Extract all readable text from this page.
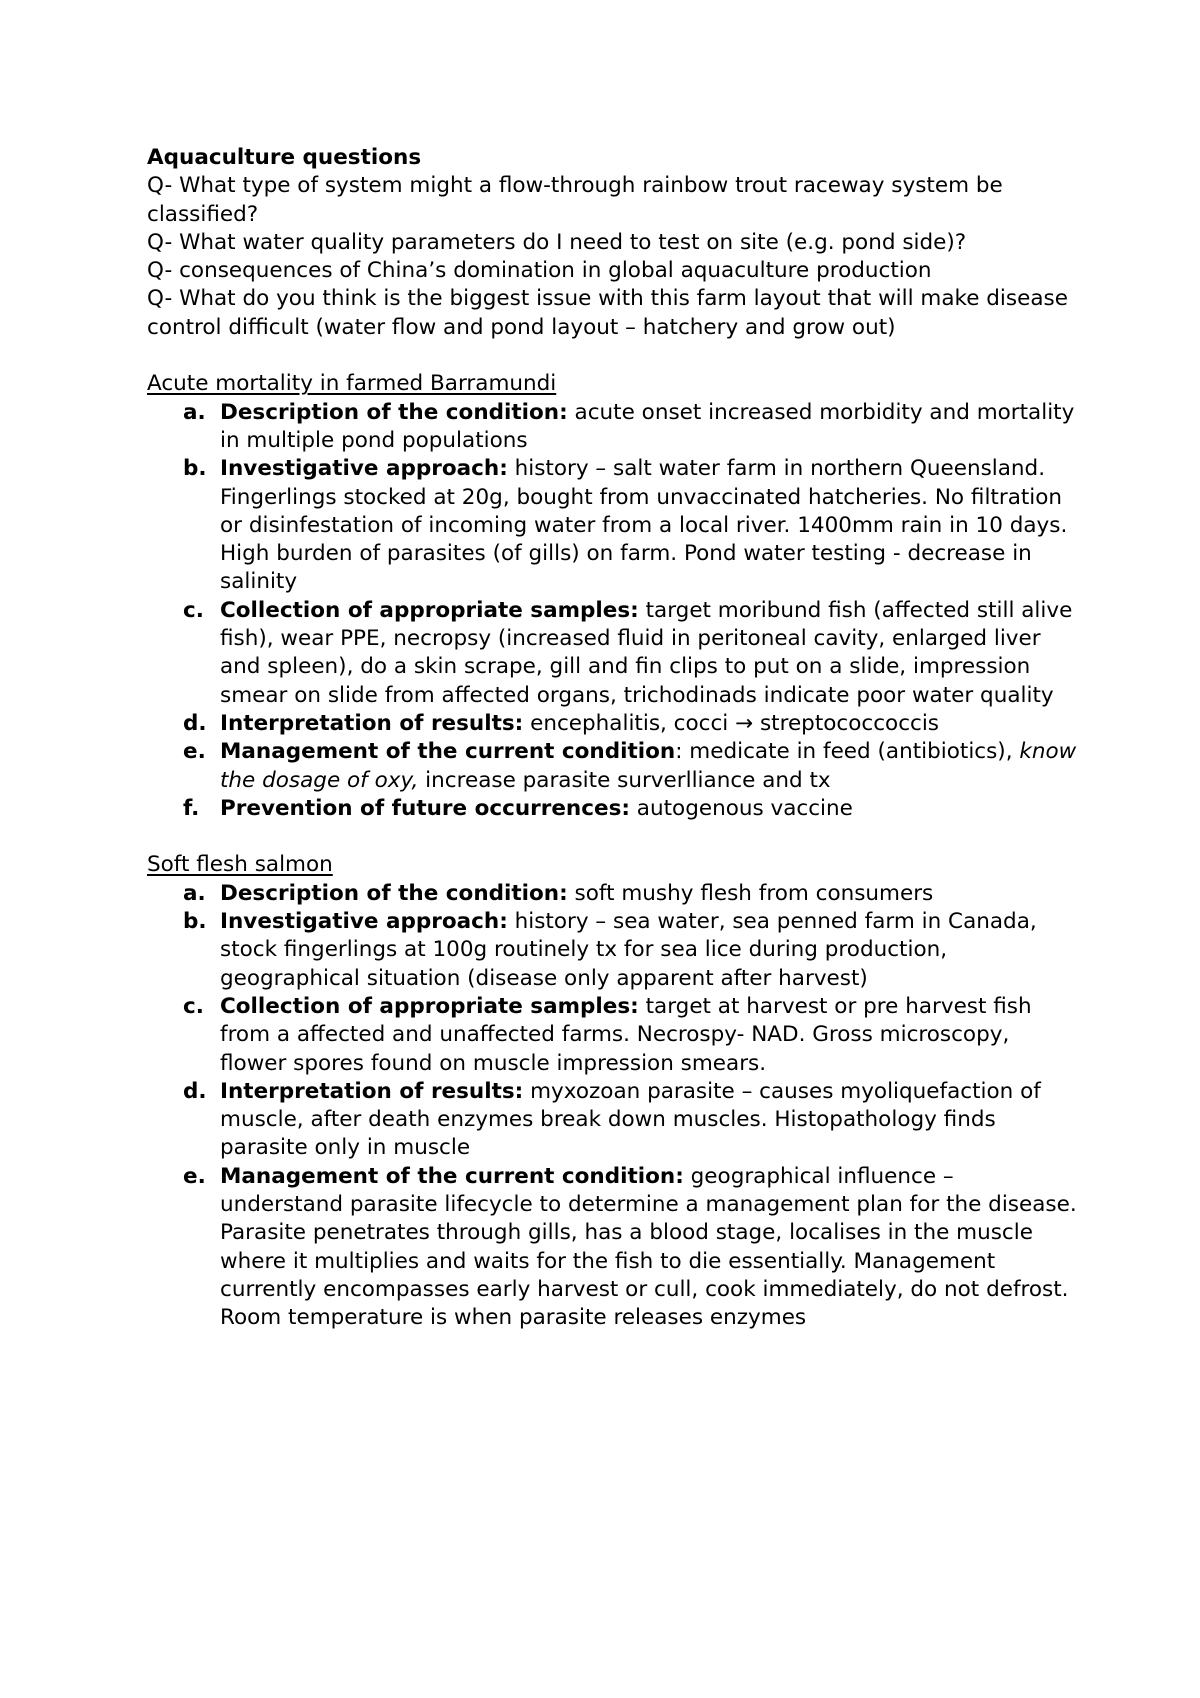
Aquaculture questions
Q- What type of system might a flow-through rainbow trout raceway system be classified?
Q- What water quality parameters do I need to test on site (e.g. pond side)?
Q- consequences of China’s domination in global aquaculture production
Q- What do you think is the biggest issue with this farm layout that will make disease control difficult (water flow and pond layout – hatchery and grow out)
Acute mortality in farmed Barramundi
a. Description of the condition: acute onset increased morbidity and mortality in multiple pond populations
b. Investigative approach: history – salt water farm in northern Queensland. Fingerlings stocked at 20g, bought from unvaccinated hatcheries. No filtration or disinfestation of incoming water from a local river. 1400mm rain in 10 days. High burden of parasites (of gills) on farm. Pond water testing - decrease in salinity
c. Collection of appropriate samples: target moribund fish (affected still alive fish), wear PPE, necropsy (increased fluid in peritoneal cavity, enlarged liver and spleen), do a skin scrape, gill and fin clips to put on a slide, impression smear on slide from affected organs, trichodinads indicate poor water quality
d. Interpretation of results: encephalitis, cocci → streptococcoccis
e. Management of the current condition: medicate in feed (antibiotics), know the dosage of oxy, increase parasite surverlliance and tx
f. Prevention of future occurrences: autogenous vaccine
Soft flesh salmon
a. Description of the condition: soft mushy flesh from consumers
b. Investigative approach: history – sea water, sea penned farm in Canada, stock fingerlings at 100g routinely tx for sea lice during production, geographical situation (disease only apparent after harvest)
c. Collection of appropriate samples: target at harvest or pre harvest fish from a affected and unaffected farms. Necrospy- NAD. Gross microscopy, flower spores found on muscle impression smears.
d. Interpretation of results: myxozoan parasite – causes myoliquefaction of muscle, after death enzymes break down muscles. Histopathology finds parasite only in muscle
e. Management of the current condition: geographical influence – understand parasite lifecycle to determine a management plan for the disease. Parasite penetrates through gills, has a blood stage, localises in the muscle where it multiplies and waits for the fish to die essentially. Management currently encompasses early harvest or cull, cook immediately, do not defrost. Room temperature is when parasite releases enzymes
